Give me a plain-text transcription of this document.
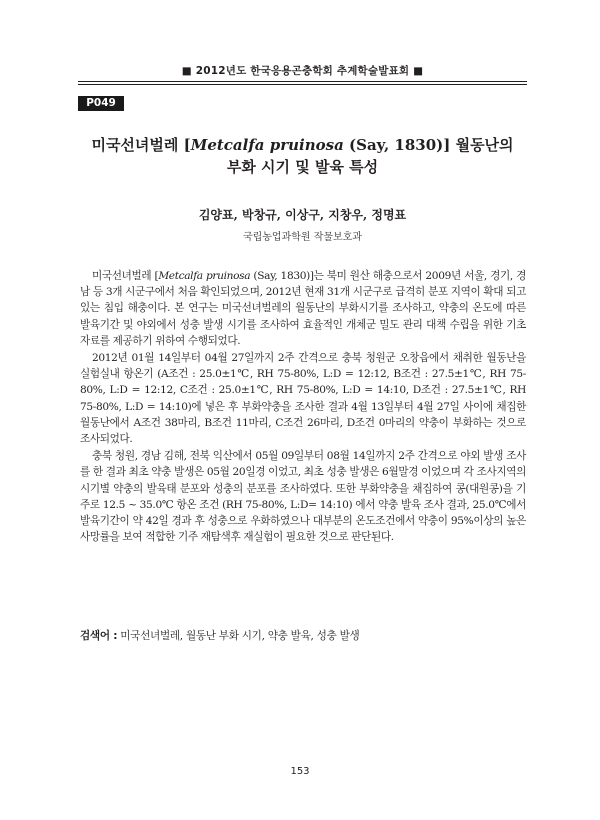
■ 2012년도 한국응용곤충학회 추계학술발표회 ■
P049
미국선녀벌레 [Metcalfa pruinosa (Say, 1830)] 월동난의
부화 시기 및 발육 특성
김양표, 박창규, 이상구, 지창우, 정명표
국립농업과학원 작물보호과

미국선녀벌레 [Metcalfa pruinosa (Say, 1830)]는 북미 원산 해충으로서 2009년 서울, 경기, 경남 등 3개 시군구에서 처음 확인되었으며, 2012년 현재 31개 시군구로 급격히 분포 지역이 확대 되고 있는 침입 해충이다. 본 연구는 미국선녀벌레의 월동난의 부화시기를 조사하고, 약충의 온도에 따른 발육기간 및 야외에서 성충 발생 시기를 조사하여 효율적인 개체군 밀도 관리 대책 수립을 위한 기초 자료를 제공하기 위하여 수행되었다.

2012년 01월 14일부터 04월 27일까지 2주 간격으로 충북 청원군 오창읍에서 채취한 월동난을 실험실내 항온기 (A조건 : 25.0±1℃, RH 75-80%, L:D = 12:12, B조건 : 27.5±1℃, RH 75-80%, L:D = 12:12, C조건 : 25.0±1℃, RH 75-80%, L:D = 14:10, D조건 : 27.5±1℃, RH 75-80%, L:D = 14:10)에 넣은 후 부화약충을 조사한 결과 4월 13일부터 4월 27일 사이에 채집한 월동난에서 A조건 38마리, B조건 11마리, C조건 26마리, D조건 0마리의 약충이 부화하는 것으로 조사되었다.

충북 청원, 경남 김해, 전북 익산에서 05월 09일부터 08월 14일까지 2주 간격으로 야외 발생 조사를 한 결과 최초 약충 발생은 05월 20일경 이었고, 최초 성충 발생은 6월말경 이었으며 각 조사지역의 시기별 약충의 발육태 분포와 성충의 분포를 조사하였다. 또한 부화약충을 채집하여 콩(대원콩)을 기주로 12.5 ~ 35.0℃ 항온 조건 (RH 75-80%, L:D= 14:10) 에서 약충 발육 조사 결과, 25.0℃에서 발육기간이 약 42일 경과 후 성충으로 우화하였으나 대부분의 온도조건에서 약충이 95%이상의 높은 사망률을 보여 적합한 기주 재탐색후 재실험이 필요한 것으로 판단된다.

검색어 : 미국선녀벌레, 월동난 부화 시기, 약충 발육, 성충 발생
153
